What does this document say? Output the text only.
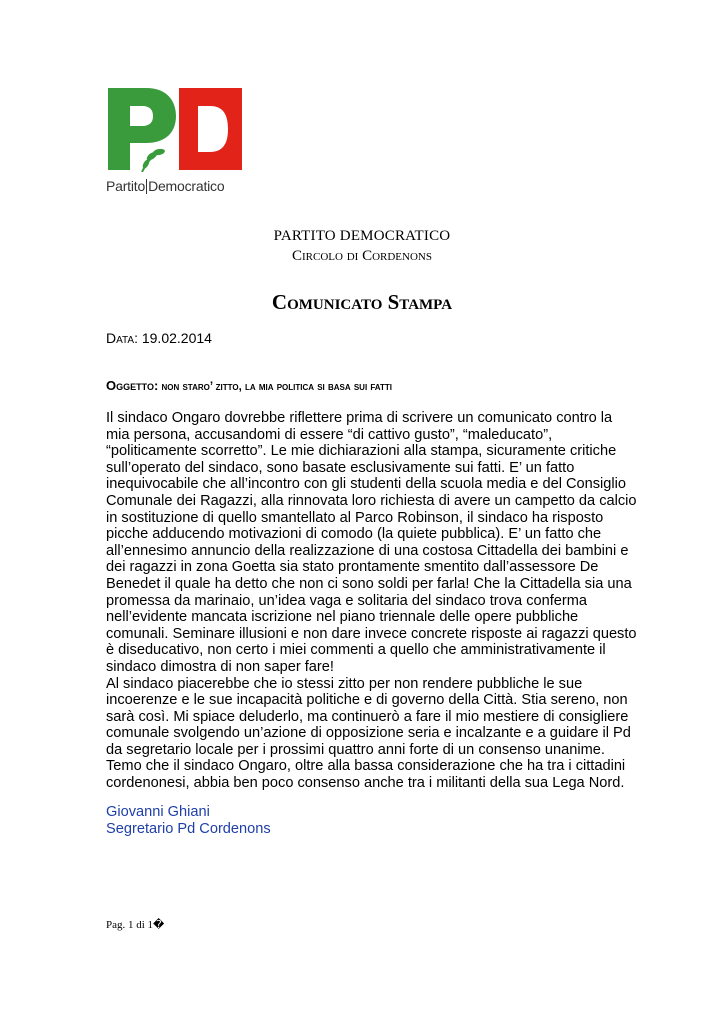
Partito Democratico
PARTITO DEMOCRATICO
Circolo di Cordenons
Comunicato Stampa
Data: 19.02.2014
Oggetto: non staro’ zitto, la mia politica si basa sui fatti

Il sindaco Ongaro dovrebbe riflettere prima di scrivere un comunicato contro la mia persona, accusandomi di essere “di cattivo gusto”, “maleducato”, “politicamente scorretto”. Le mie dichiarazioni alla stampa, sicuramente critiche sull’operato del sindaco, sono basate esclusivamente sui fatti. E’ un fatto inequivocabile che all’incontro con gli studenti della scuola media e del Consiglio Comunale dei Ragazzi, alla rinnovata loro richiesta di avere un campetto da calcio in sostituzione di quello smantellato al Parco Robinson, il sindaco ha risposto picche adducendo motivazioni di comodo (la quiete pubblica). E’ un fatto che all’ennesimo annuncio della realizzazione di una costosa Cittadella dei bambini e dei ragazzi in zona Goetta sia stato prontamente smentito dall’assessore De Benedet il quale ha detto che non ci sono soldi per farla! Che la Cittadella sia una promessa da marinaio, un’idea vaga e solitaria del sindaco trova conferma nell’evidente mancata iscrizione nel piano triennale delle opere pubbliche comunali. Seminare illusioni e non dare invece concrete risposte ai ragazzi questo è diseducativo, non certo i miei commenti a quello che amministrativamente il sindaco dimostra di non saper fare!

Al sindaco piacerebbe che io stessi zitto per non rendere pubbliche le sue incoerenze e le sue incapacità politiche e di governo della Città. Stia sereno, non sarà così. Mi spiace deluderlo, ma continuerò a fare il mio mestiere di consigliere comunale svolgendo un’azione di opposizione seria e incalzante e a guidare il Pd da segretario locale per i prossimi quattro anni forte di un consenso unanime. Temo che il sindaco Ongaro, oltre alla bassa considerazione che ha tra i cittadini cordenonesi, abbia ben poco consenso anche tra i militanti della sua Lega Nord.

Giovanni Ghiani
Segretario Pd Cordenons
Pag. 1 di 1�
